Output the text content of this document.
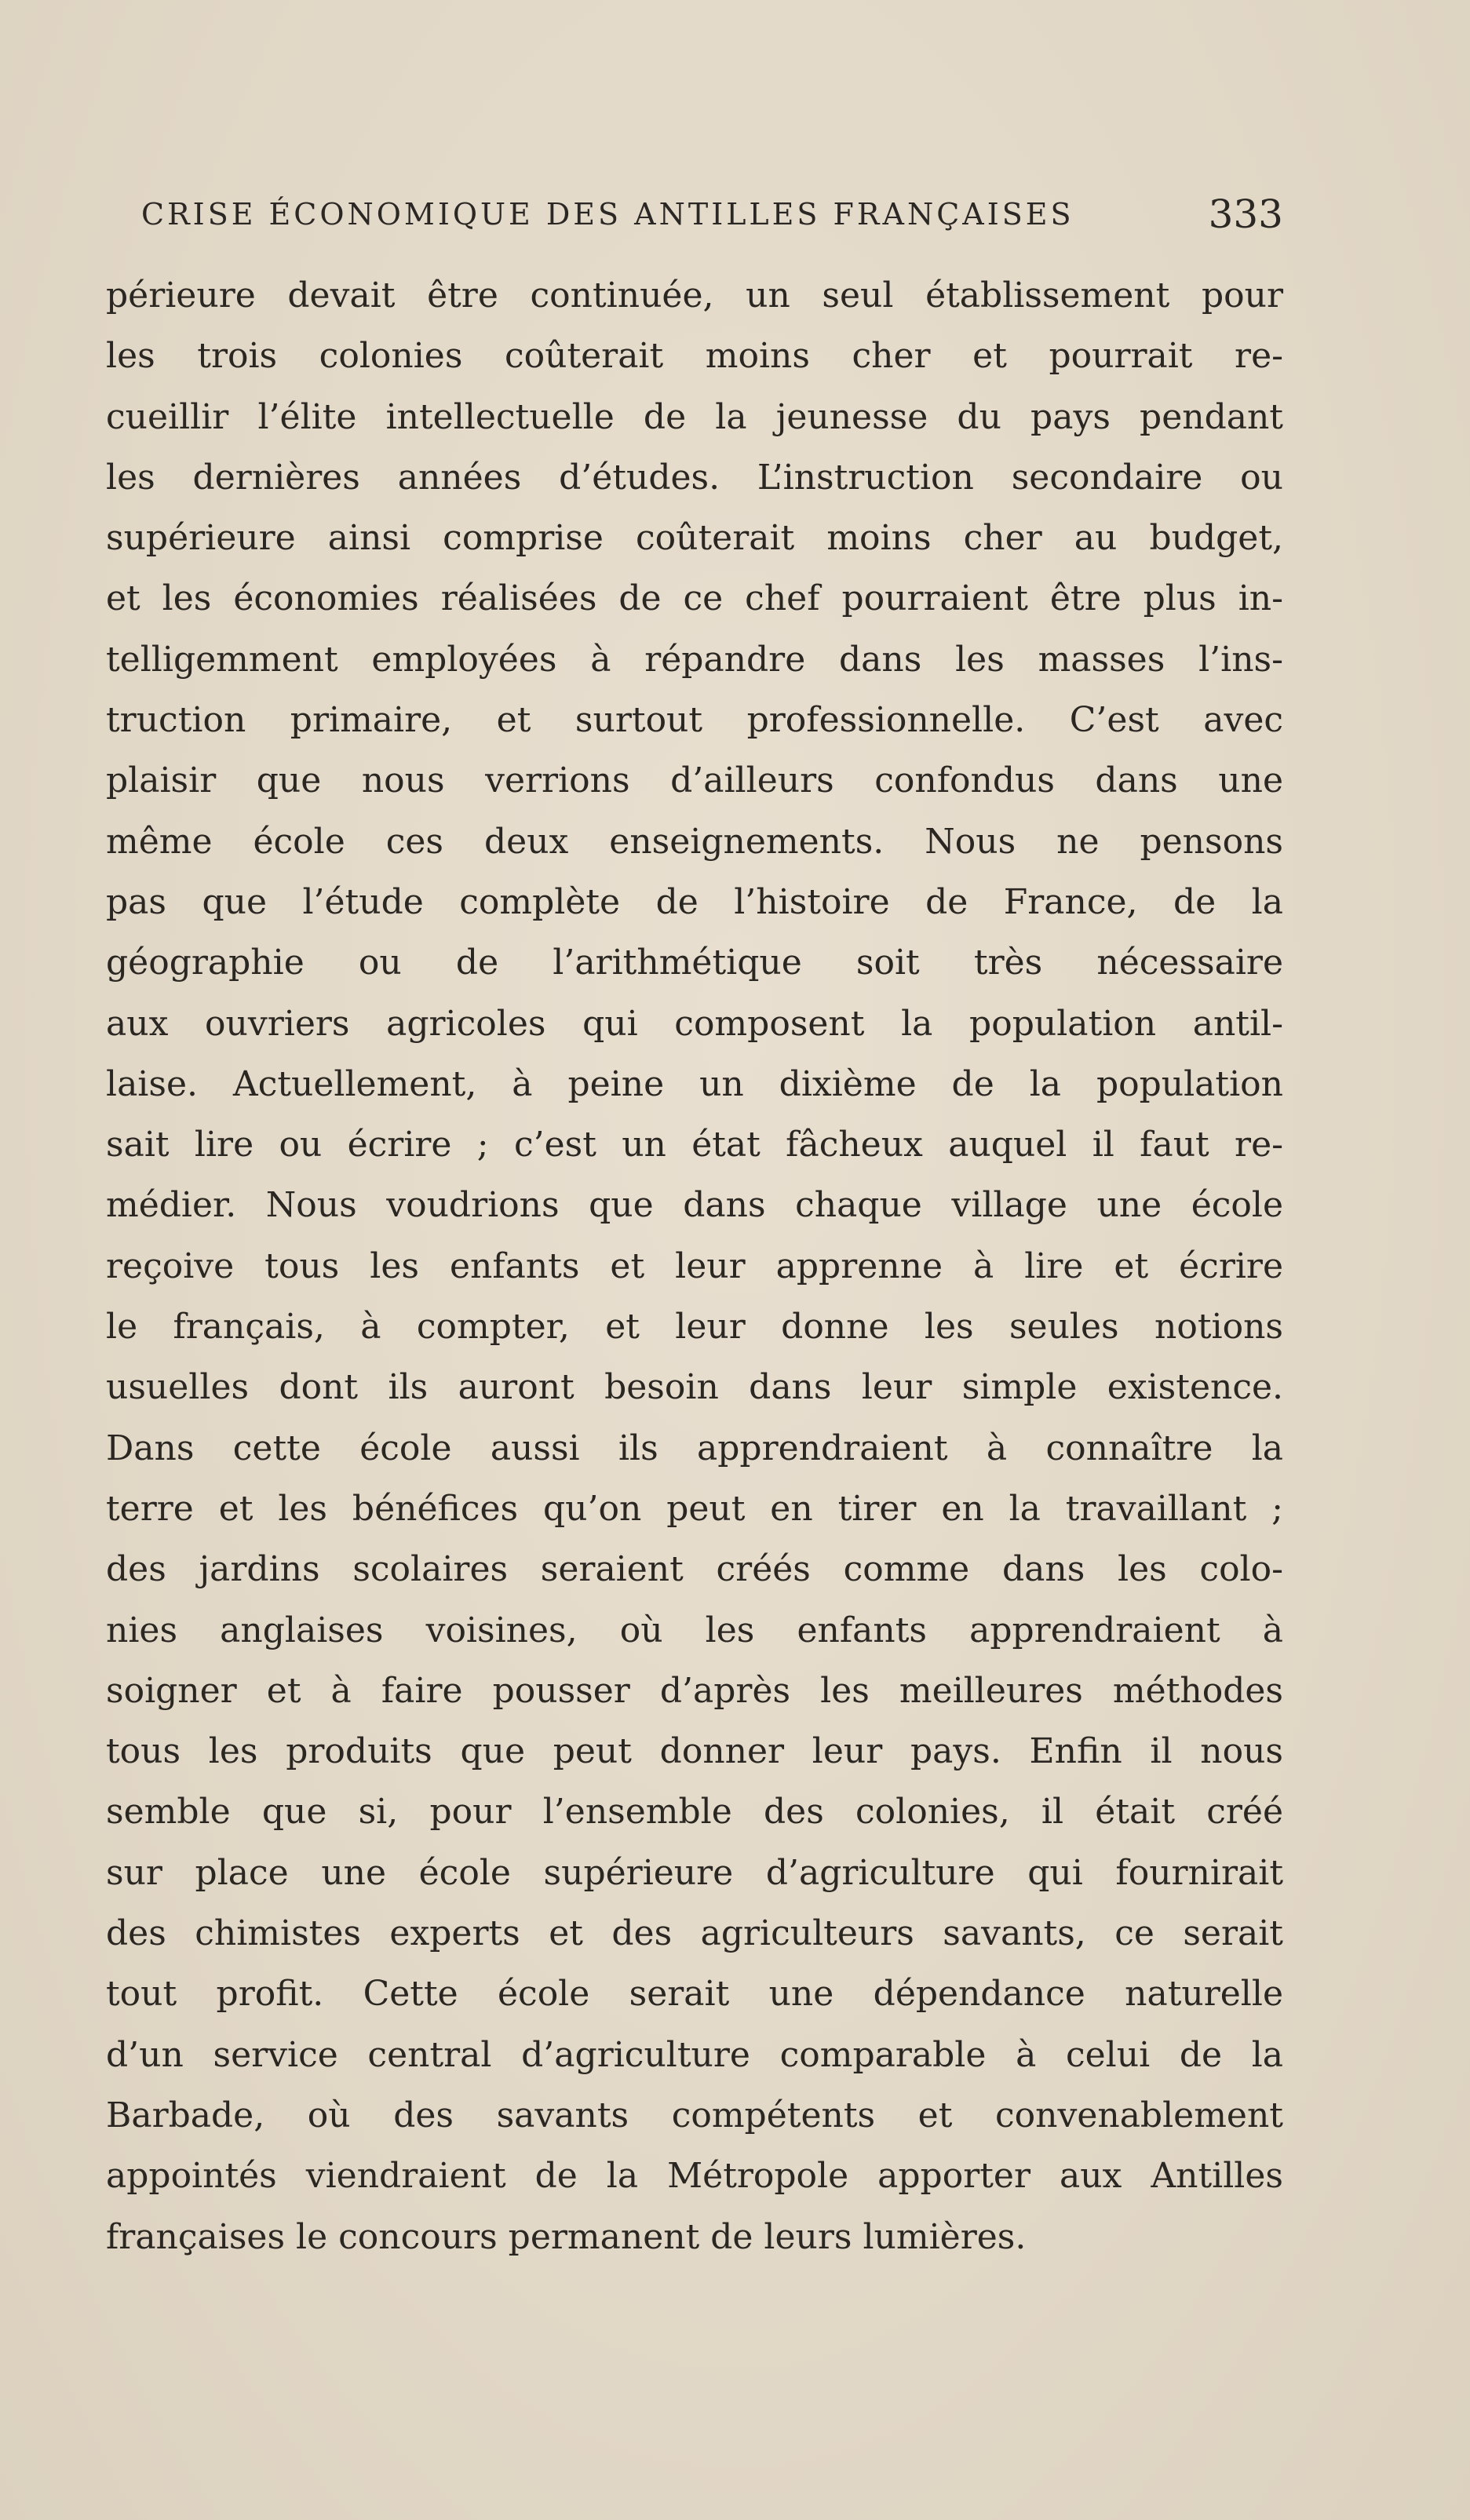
CRISE ÉCONOMIQUE DES ANTILLES FRANÇAISES	333
périeure devait être continuée, un seul établissement pour
les trois colonies coûterait moins cher et pourrait re-
cueillir l’élite intellectuelle de la jeunesse du pays pendant
les dernières années d’études. L’instruction secondaire ou
supérieure ainsi comprise coûterait moins cher au budget,
et les économies réalisées de ce chef pourraient être plus in-
telligemment employées à répandre dans les masses l’ins-
truction primaire, et surtout professionnelle. C’est avec
plaisir que nous verrions d’ailleurs confondus dans une
même école ces deux enseignements. Nous ne pensons
pas que l’étude complète de l’histoire de France, de la
géographie ou de l’arithmétique soit très nécessaire
aux ouvriers agricoles qui composent la population antil-
laise. Actuellement, à peine un dixième de la population
sait lire ou écrire ; c’est un état fâcheux auquel il faut re-
médier. Nous voudrions que dans chaque village une école
reçoive tous les enfants et leur apprenne à lire et écrire
le français, à compter, et leur donne les seules notions
usuelles dont ils auront besoin dans leur simple existence.
Dans cette école aussi ils apprendraient à connaître la
terre et les bénéfices qu’on peut en tirer en la travaillant ;
des jardins scolaires seraient créés comme dans les colo-
nies anglaises voisines, où les enfants apprendraient à
soigner et à faire pousser d’après les meilleures méthodes
tous les produits que peut donner leur pays. Enfin il nous
semble que si, pour l’ensemble des colonies, il était créé
sur place une école supérieure d’agriculture qui fournirait
des chimistes experts et des agriculteurs savants, ce serait
tout profit. Cette école serait une dépendance naturelle
d’un service central d’agriculture comparable à celui de la
Barbade, où des savants compétents et convenablement
appointés viendraient de la Métropole apporter aux Antilles
françaises le concours permanent de leurs lumières.
